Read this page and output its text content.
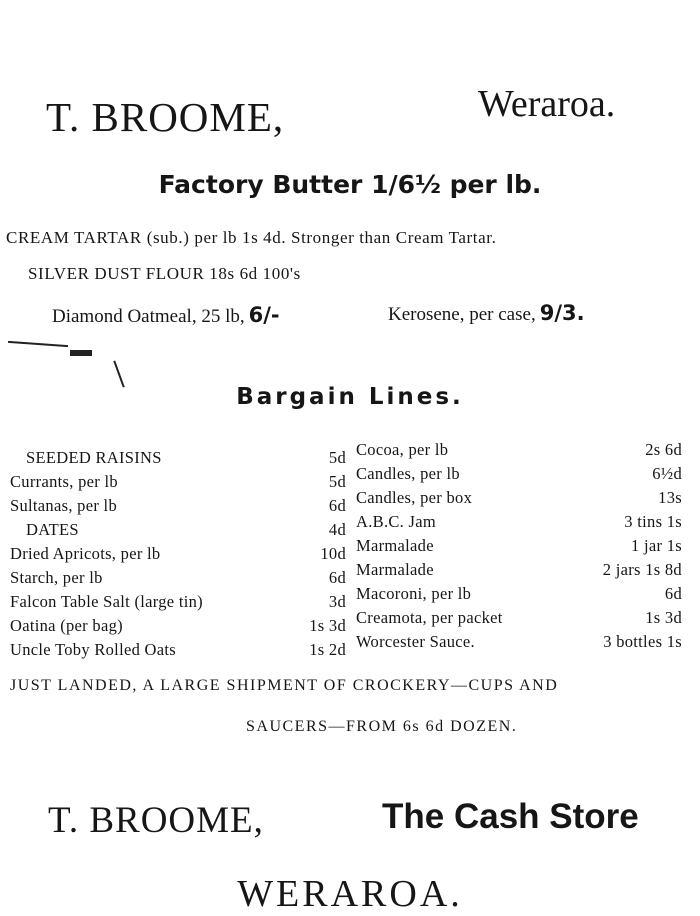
T. BROOME,	Weraroa.
Factory Butter 1/6½ per lb.
CREAM TARTAR (sub.) per lb 1s 4d. Stronger than Cream Tartar.
SILVER DUST FLOUR 18s 6d 100's
Diamond Oatmeal, 25 lb, 6/-	Kerosene, per case, 9/3.
Bargain Lines.
SEEDED RAISINS	5d
Currants, per lb	5d
Sultanas, per lb	6d
DATES	4d
Dried Apricots, per lb	10d
Starch, per lb	6d
Falcon Table Salt (large tin)	3d
Oatina (per bag)	1s 3d
Uncle Toby Rolled Oats	1s 2d
Cocoa, per lb	2s 6d
Candles, per lb	6½d
Candles, per box	13s
A.B.C. Jam	3 tins 1s
Marmalade	1 jar 1s
Marmalade	2 jars 1s 8d
Macoroni, per lb	6d
Creamota, per packet	1s 3d
Worcester Sauce.	3 bottles 1s
JUST LANDED, A LARGE SHIPMENT OF CROCKERY—CUPS AND
SAUCERS—FROM 6s 6d DOZEN.
T. BROOME,	The Cash Store
WERAROA.
